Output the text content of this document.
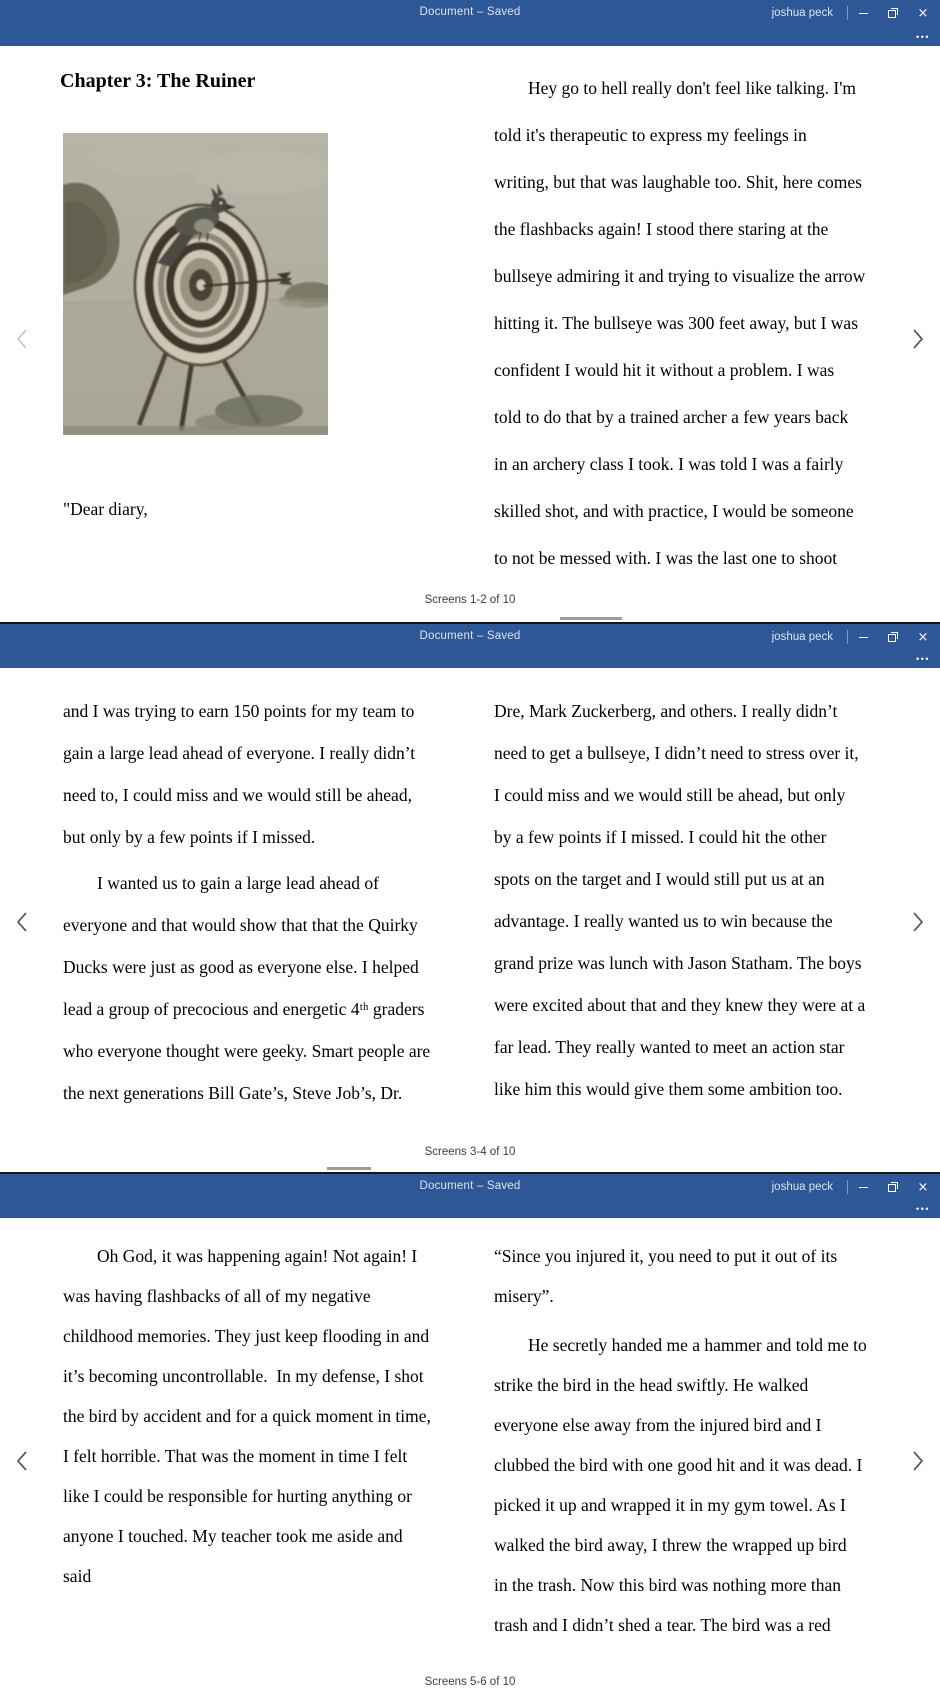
Document – Saved	joshua peck	×
•••
Chapter 3: The Ruiner
"Dear diary,
Hey go to hell really don't feel like talking. I'm
told it's therapeutic to express my feelings in
writing, but that was laughable too. Shit, here comes
the flashbacks again! I stood there staring at the
bullseye admiring it and trying to visualize the arrow
hitting it. The bullseye was 300 feet away, but I was
confident I would hit it without a problem. I was
told to do that by a trained archer a few years back
in an archery class I took. I was told I was a fairly
skilled shot, and with practice, I would be someone
to not be messed with. I was the last one to shoot
Screens 1-2 of 10
Document – Saved	joshua peck	×
•••
and I was trying to earn 150 points for my team to
gain a large lead ahead of everyone. I really didn’t
need to, I could miss and we would still be ahead,
but only by a few points if I missed.
I wanted us to gain a large lead ahead of
everyone and that would show that that the Quirky
Ducks were just as good as everyone else. I helped
lead a group of precocious and energetic 4ᵗʰ graders
who everyone thought were geeky. Smart people are
the next generations Bill Gate’s, Steve Job’s, Dr.
Dre, Mark Zuckerberg, and others. I really didn’t
need to get a bullseye, I didn’t need to stress over it,
I could miss and we would still be ahead, but only
by a few points if I missed. I could hit the other
spots on the target and I would still put us at an
advantage. I really wanted us to win because the
grand prize was lunch with Jason Statham. The boys
were excited about that and they knew they were at a
far lead. They really wanted to meet an action star
like him this would give them some ambition too.
Screens 3-4 of 10
Document – Saved	joshua peck	×
•••
Oh God, it was happening again! Not again! I
was having flashbacks of all of my negative
childhood memories. They just keep flooding in and
it’s becoming uncontrollable.  In my defense, I shot
the bird by accident and for a quick moment in time,
I felt horrible. That was the moment in time I felt
like I could be responsible for hurting anything or
anyone I touched. My teacher took me aside and
said
“Since you injured it, you need to put it out of its
misery”.
He secretly handed me a hammer and told me to
strike the bird in the head swiftly. He walked
everyone else away from the injured bird and I
clubbed the bird with one good hit and it was dead. I
picked it up and wrapped it in my gym towel. As I
walked the bird away, I threw the wrapped up bird
in the trash. Now this bird was nothing more than
trash and I didn’t shed a tear. The bird was a red
Screens 5-6 of 10
